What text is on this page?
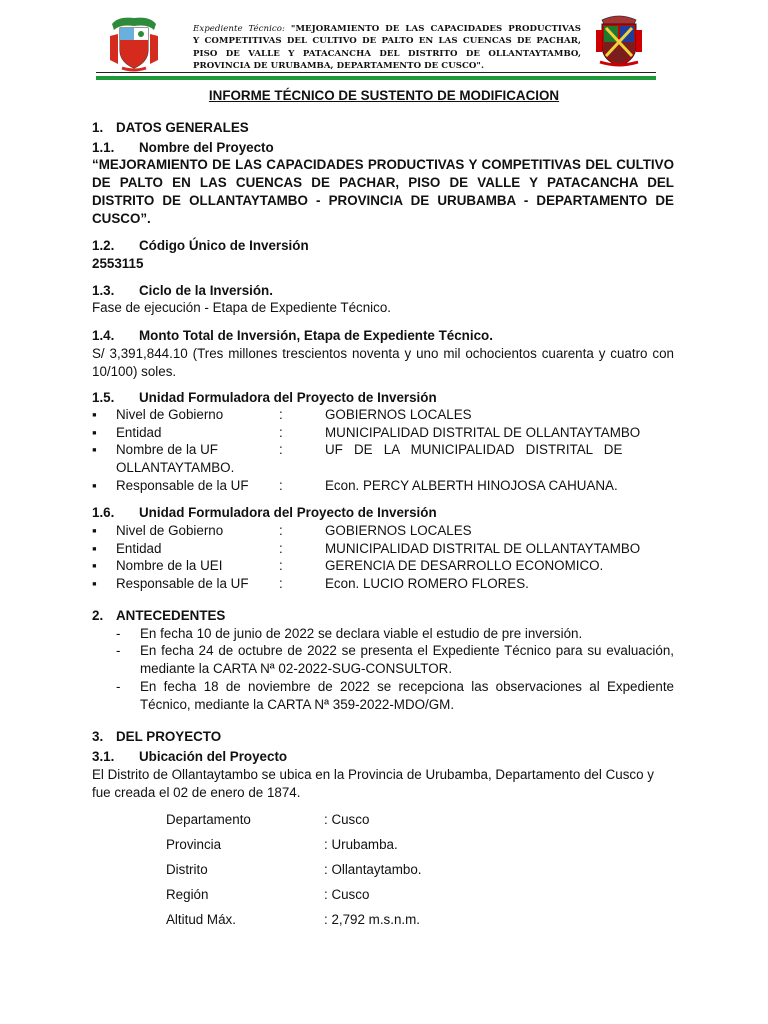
Expediente Técnico: "MEJORAMIENTO DE LAS CAPACIDADES PRODUCTIVAS
Y COMPETITIVAS DEL CULTIVO DE PALTO EN LAS CUENCAS DE PACHAR,
PISO DE VALLE Y PATACANCHA DEL DISTRITO DE OLLANTAYTAMBO,
PROVINCIA DE URUBAMBA, DEPARTAMENTO DE CUSCO".
INFORME TÉCNICO DE SUSTENTO DE MODIFICACION
1. DATOS GENERALES
1.1. Nombre del Proyecto
“MEJORAMIENTO DE LAS CAPACIDADES PRODUCTIVAS Y COMPETITIVAS DEL CULTIVO DE PALTO EN LAS CUENCAS DE PACHAR, PISO DE VALLE Y PATACANCHA DEL DISTRITO DE OLLANTAYTAMBO - PROVINCIA DE URUBAMBA - DEPARTAMENTO DE CUSCO”.
1.2. Código Único de Inversión
2553115
1.3. Ciclo de la Inversión.
Fase de ejecución - Etapa de Expediente Técnico.
1.4. Monto Total de Inversión, Etapa de Expediente Técnico.
S/ 3,391,844.10 (Tres millones trescientos noventa y uno mil ochocientos cuarenta y cuatro con 10/100) soles.
1.5. Unidad Formuladora del Proyecto de Inversión
▪ Nivel de Gobierno	:	GOBIERNOS LOCALES
▪ Entidad	:	MUNICIPALIDAD DISTRITAL DE OLLANTAYTAMBO
▪ Nombre de la UF	:	UF   DE   LA   MUNICIPALIDAD   DISTRITAL   DE
OLLANTAYTAMBO.
▪ Responsable de la UF :	Econ. PERCY ALBERTH HINOJOSA CAHUANA.
1.6. Unidad Formuladora del Proyecto de Inversión
▪ Nivel de Gobierno	:	GOBIERNOS LOCALES
▪ Entidad	:	MUNICIPALIDAD DISTRITAL DE OLLANTAYTAMBO
▪ Nombre de la UEI	:	GERENCIA DE DESARROLLO ECONOMICO.
▪ Responsable de la UF :	Econ. LUCIO ROMERO FLORES.
2. ANTECEDENTES
- En fecha 10 de junio de 2022 se declara viable el estudio de pre inversión.
- En fecha 24 de octubre de 2022 se presenta el Expediente Técnico para su evaluación, mediante la CARTA Nª 02-2022-SUG-CONSULTOR.
- En fecha 18 de noviembre de 2022 se recepciona las observaciones al Expediente Técnico, mediante la CARTA Nª 359-2022-MDO/GM.
3. DEL PROYECTO
3.1. Ubicación del Proyecto
El Distrito de Ollantaytambo se ubica en la Provincia de Urubamba, Departamento del Cusco y fue creada el 02 de enero de 1874.
Departamento	: Cusco
Provincia	: Urubamba.
Distrito	: Ollantaytambo.
Región	: Cusco
Altitud Máx.	: 2,792 m.s.n.m.
